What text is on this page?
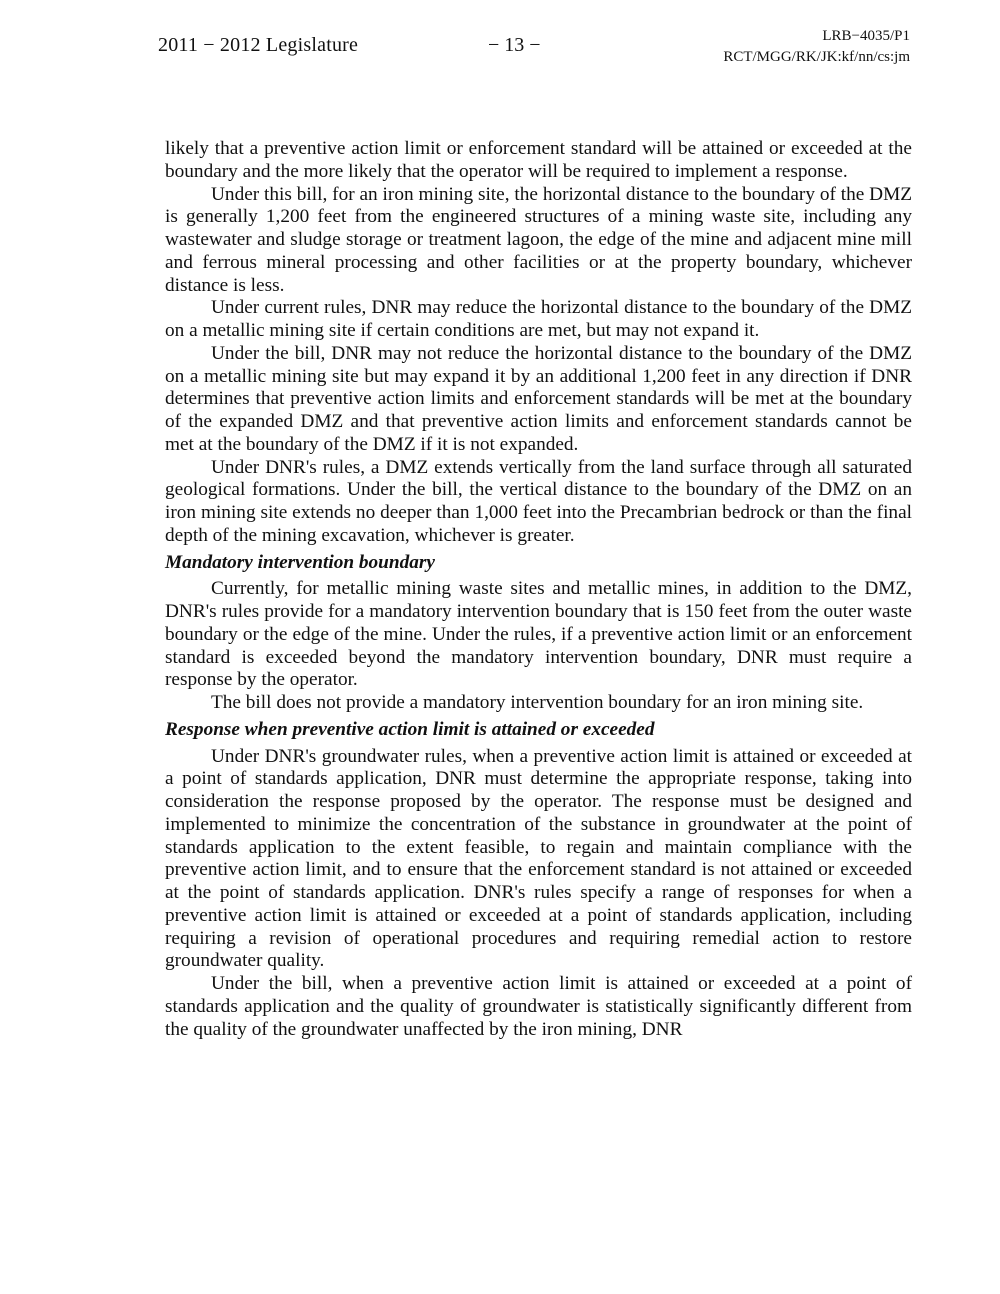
2011 − 2012 Legislature	− 13 −	LRB−4035/P1
RCT/MGG/RK/JK:kf/nn/cs:jm

likely that a preventive action limit or enforcement standard will be attained or exceeded at the boundary and the more likely that the operator will be required to implement a response.

Under this bill, for an iron mining site, the horizontal distance to the boundary of the DMZ is generally 1,200 feet from the engineered structures of a mining waste site, including any wastewater and sludge storage or treatment lagoon, the edge of the mine and adjacent mine mill and ferrous mineral processing and other facilities or at the property boundary, whichever distance is less.

Under current rules, DNR may reduce the horizontal distance to the boundary of the DMZ on a metallic mining site if certain conditions are met, but may not expand it.

Under the bill, DNR may not reduce the horizontal distance to the boundary of the DMZ on a metallic mining site but may expand it by an additional 1,200 feet in any direction if DNR determines that preventive action limits and enforcement standards will be met at the boundary of the expanded DMZ and that preventive action limits and enforcement standards cannot be met at the boundary of the DMZ if it is not expanded.

Under DNR's rules, a DMZ extends vertically from the land surface through all saturated geological formations. Under the bill, the vertical distance to the boundary of the DMZ on an iron mining site extends no deeper than 1,000 feet into the Precambrian bedrock or than the final depth of the mining excavation, whichever is greater.

Mandatory intervention boundary

Currently, for metallic mining waste sites and metallic mines, in addition to the DMZ, DNR's rules provide for a mandatory intervention boundary that is 150 feet from the outer waste boundary or the edge of the mine. Under the rules, if a preventive action limit or an enforcement standard is exceeded beyond the mandatory intervention boundary, DNR must require a response by the operator.

The bill does not provide a mandatory intervention boundary for an iron mining site.

Response when preventive action limit is attained or exceeded

Under DNR's groundwater rules, when a preventive action limit is attained or exceeded at a point of standards application, DNR must determine the appropriate response, taking into consideration the response proposed by the operator. The response must be designed and implemented to minimize the concentration of the substance in groundwater at the point of standards application to the extent feasible, to regain and maintain compliance with the preventive action limit, and to ensure that the enforcement standard is not attained or exceeded at the point of standards application. DNR's rules specify a range of responses for when a preventive action limit is attained or exceeded at a point of standards application, including requiring a revision of operational procedures and requiring remedial action to restore groundwater quality.

Under the bill, when a preventive action limit is attained or exceeded at a point of standards application and the quality of groundwater is statistically significantly different from the quality of the groundwater unaffected by the iron mining, DNR
